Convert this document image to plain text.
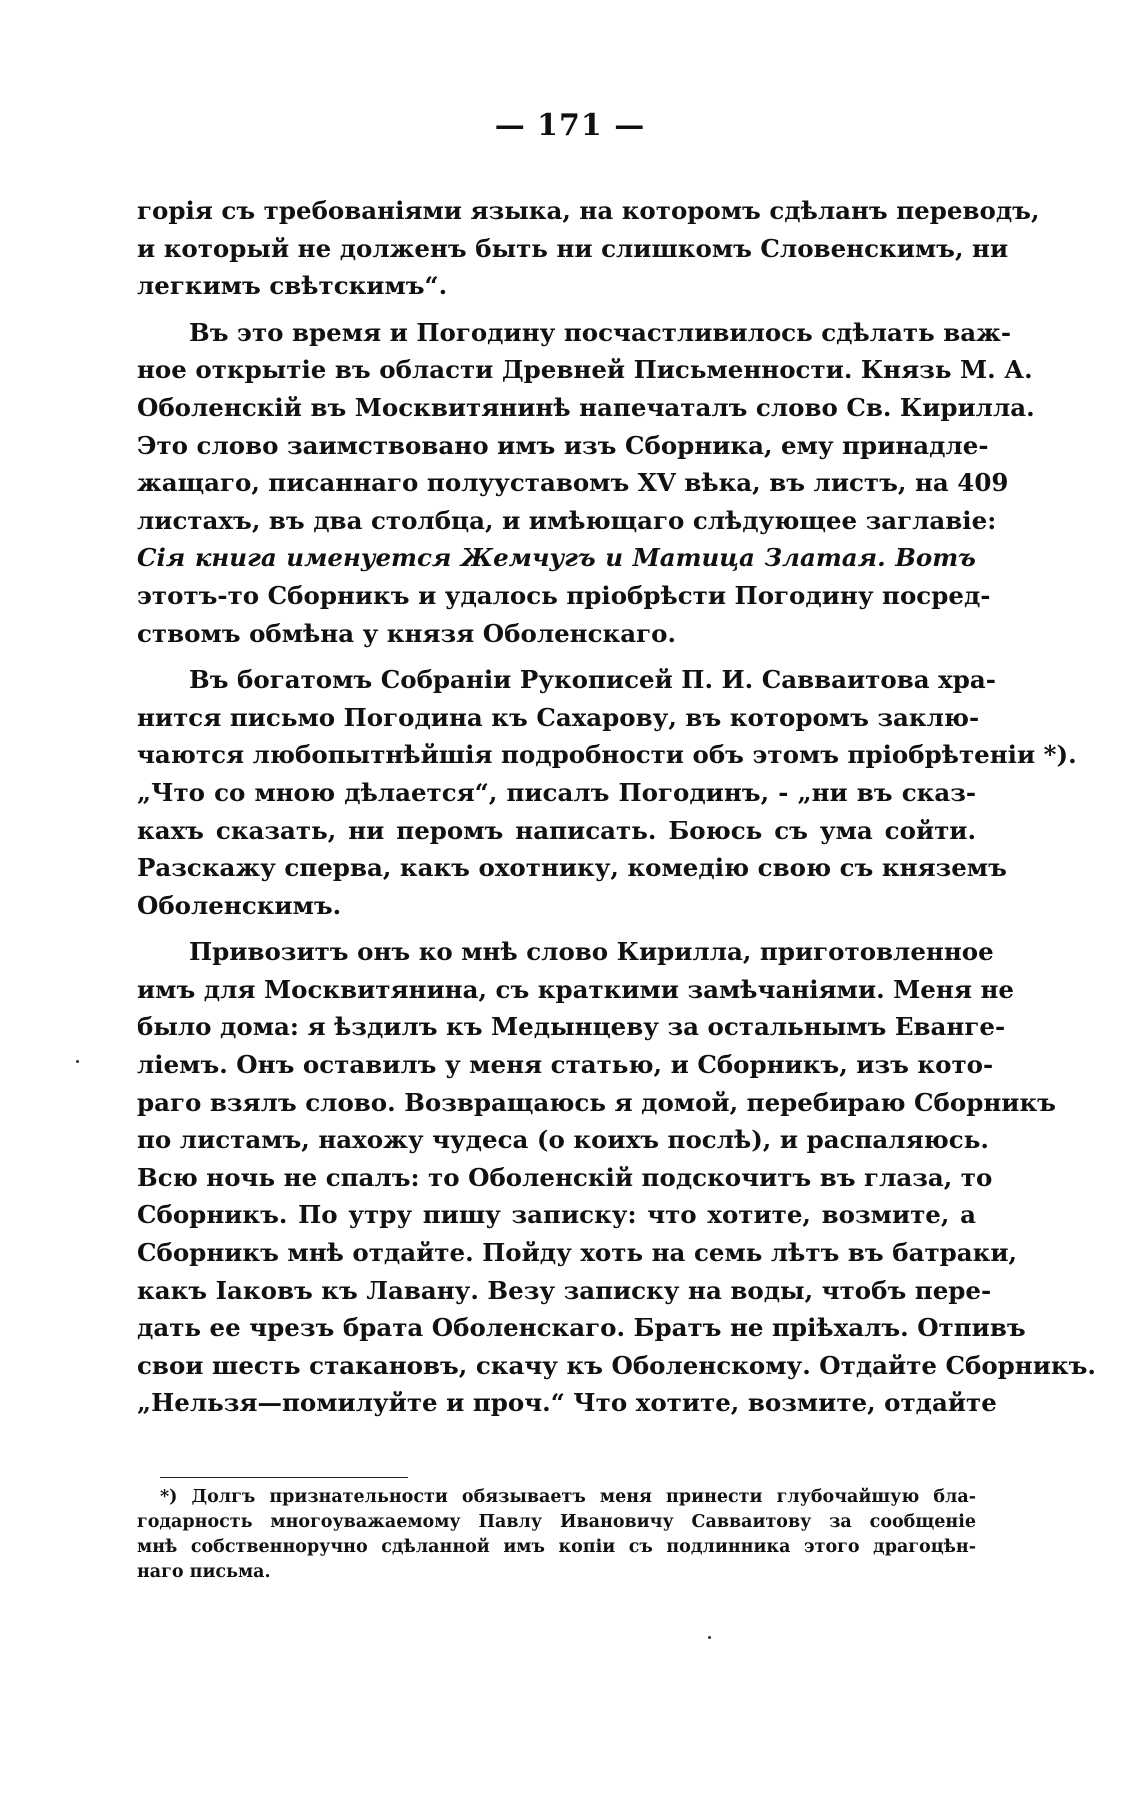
— 171 —

горія съ требованіями языка, на которомъ сдѣланъ переводъ,
и который не долженъ быть ни слишкомъ Словенскимъ, ни
легкимъ свѣтскимъ“.

Въ это время и Погодину посчастливилось сдѣлать важ-
ное открытіе въ области Древней Письменности. Князь М. А.
Оболенскій въ Москвитянинѣ напечаталъ слово Св. Кирилла.
Это слово заимствовано имъ изъ Сборника, ему принадле-
жащаго, писаннаго полууставомъ XV вѣка, въ листъ, на 409
листахъ, въ два столбца, и имѣющаго слѣдующее заглавіе:
Сія книга именуется Жемчугъ и Матица Златая. Вотъ
этотъ-то Сборникъ и удалось пріобрѣсти Погодину посред-
ствомъ обмѣна у князя Оболенскаго.

Въ богатомъ Собраніи Рукописей П. И. Савваитова хра-
нится письмо Погодина къ Сахарову, въ которомъ заклю-
чаются любопытнѣйшія подробности объ этомъ пріобрѣтеніи *).
„Что со мною дѣлается“, писалъ Погодинъ, - „ни въ сказ-
кахъ сказать, ни перомъ написать. Боюсь съ ума сойти.
Разскажу сперва, какъ охотнику, комедію свою съ княземъ
Оболенскимъ.

Привозитъ онъ ко мнѣ слово Кирилла, приготовленное
имъ для Москвитянина, съ краткими замѣчаніями. Меня не
было дома: я ѣздилъ къ Медынцеву за остальнымъ Еванге-
ліемъ. Онъ оставилъ у меня статью, и Сборникъ, изъ кото-
раго взялъ слово. Возвращаюсь я домой, перебираю Сборникъ
по листамъ, нахожу чудеса (о коихъ послѣ), и распаляюсь.
Всю ночь не спалъ: то Оболенскій подскочитъ въ глаза, то
Сборникъ. По утру пишу записку: что хотите, возмите, а
Сборникъ мнѣ отдайте. Пойду хоть на семь лѣтъ въ батраки,
какъ Іаковъ къ Лавану. Везу записку на воды, чтобъ пере-
дать ее чрезъ брата Оболенскаго. Братъ не пріѣхалъ. Отпивъ
свои шесть стакановъ, скачу къ Оболенскому. Отдайте Сборникъ.
„Нельзя—помилуйте и проч.“ Что хотите, возмите, отдайте

*) Долгъ признательности обязываетъ меня принести глубочайшую бла-
годарность многоуважаемому Павлу Ивановичу Савваитову за сообщеніе
мнѣ собственноручно сдѣланной имъ копіи съ подлинника этого драгоцѣн-
наго письма.
